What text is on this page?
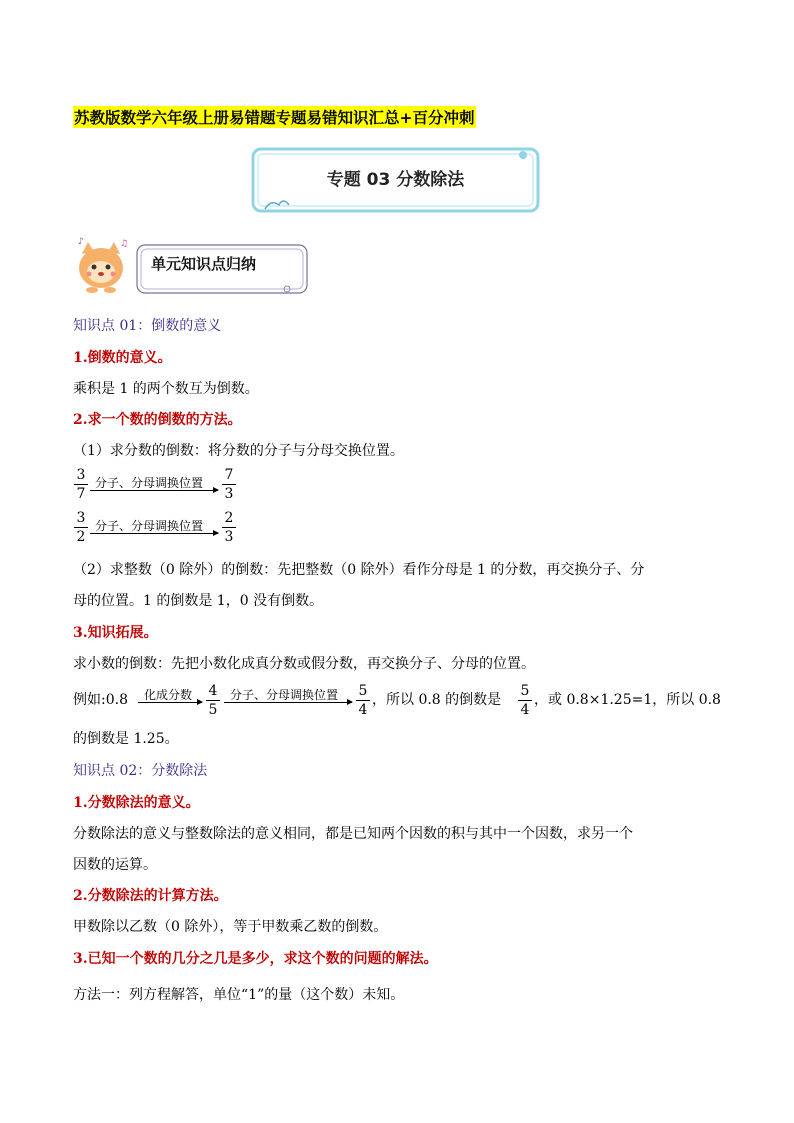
苏教版数学六年级上册易错题专题易错知识汇总+百分冲刺
专题 03 分数除法
♪	♫
单元知识点归纳
知识点 01：倒数的意义
1.倒数的意义。
乘积是 1 的两个数互为倒数。
2.求一个数的倒数的方法。
（1）求分数的倒数：将分数的分子与分母交换位置。
3
7
分子、分母调换位置 7
3
3
2
分子、分母调换位置 2
3
（2）求整数（0 除外）的倒数：先把整数（0 除外）看作分母是 1 的分数，再交换分子、分
母的位置。1 的倒数是 1，0 没有倒数。
3.知识拓展。
求小数的倒数：先把小数化成真分数或假分数，再交换分子、分母的位置。
例如:0.8 化成分数 4
5
分子、分母调换位置 5
4
，所以 0.8 的倒数是
5
4
，或 0.8×1.25=1，所以 0.8
的倒数是 1.25。
知识点 02：分数除法
1.分数除法的意义。
分数除法的意义与整数除法的意义相同，都是已知两个因数的积与其中一个因数，求另一个
因数的运算。
2.分数除法的计算方法。
甲数除以乙数（0 除外），等于甲数乘乙数的倒数。
3.已知一个数的几分之几是多少，求这个数的问题的解法。
方法一：列方程解答，单位“1”的量（这个数）未知。
